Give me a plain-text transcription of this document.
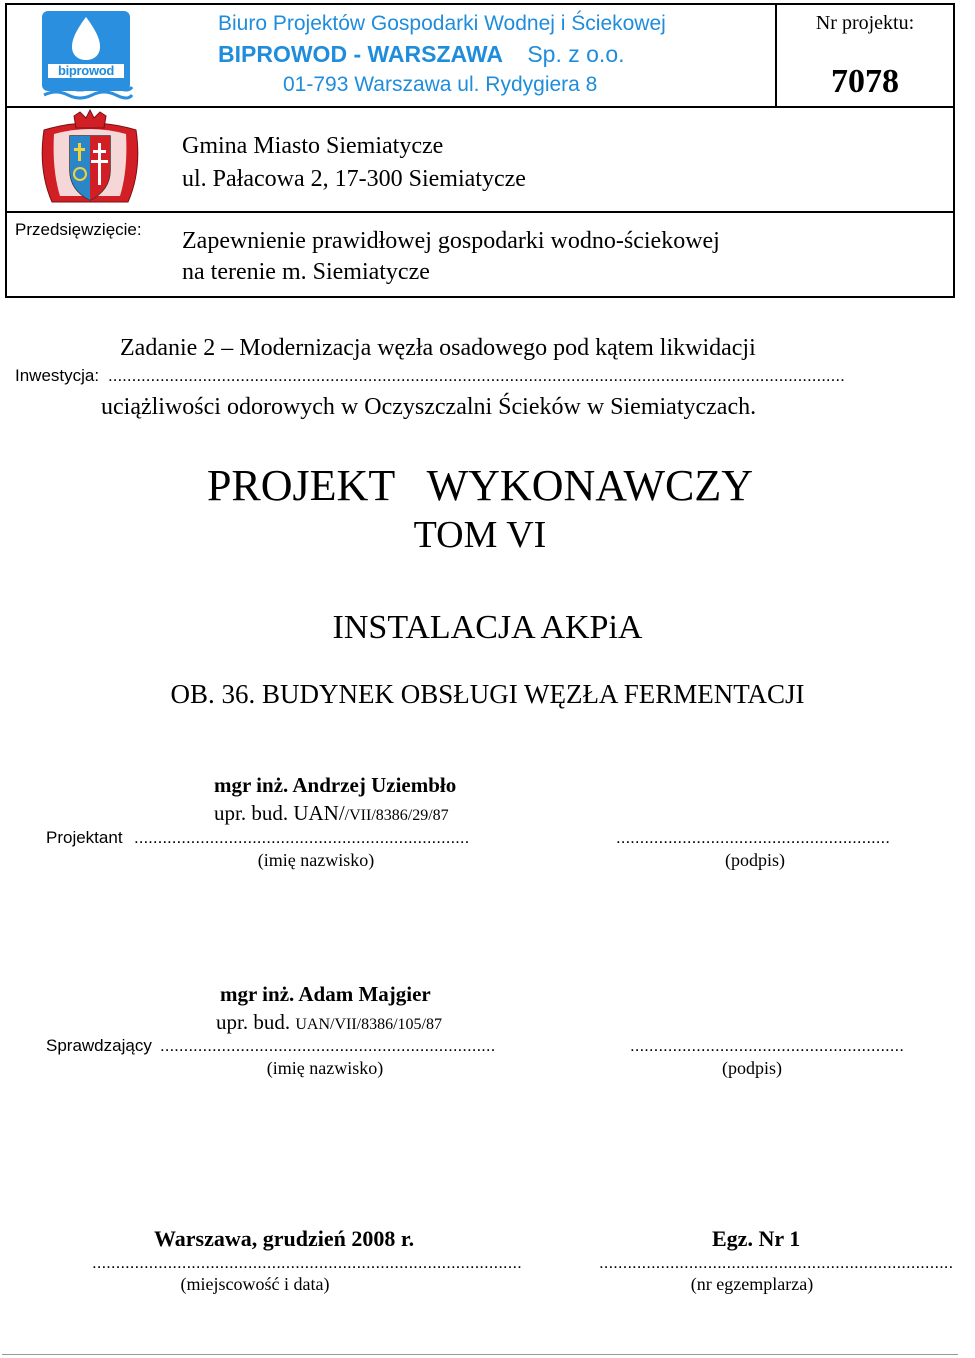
biprowod
Biuro Projektów Gospodarki Wodnej i Ściekowej
BIPROWOD - WARSZAWA Sp. z o.o.
01-793 Warszawa ul. Rydygiera 8
Nr projektu:
7078
Gmina Miasto Siemiatycze
ul. Pałacowa 2, 17-300 Siemiatycze
Przedsięwzięcie: Zapewnienie prawidłowej gospodarki wodno-ściekowej
na terenie m. Siemiatycze
Zadanie 2 – Modernizacja węzła osadowego pod kątem likwidacji
Inwestycja: ............................................................................................................................................................
uciążliwości odorowych w Oczyszczalni Ścieków w Siemiatyczach.
PROJEKT   WYKONAWCZY
TOM VI
INSTALACJA AKPiA
OB. 36. BUDYNEK OBSŁUGI WĘZŁA FERMENTACJI
mgr inż. Andrzej Uziembło
upr. bud. UAN//VII/8386/29/87
Projektant .......................................................................	..........................................................
(imię nazwisko)	(podpis)
mgr inż. Adam Majgier
upr. bud. UAN/VII/8386/105/87
Sprawdzający .......................................................................	..........................................................
(imię nazwisko)	(podpis)
Warszawa, grudzień 2008 r.	Egz. Nr 1
...........................................................................................	...........................................................................
(miejscowość i data)	(nr egzemplarza)
